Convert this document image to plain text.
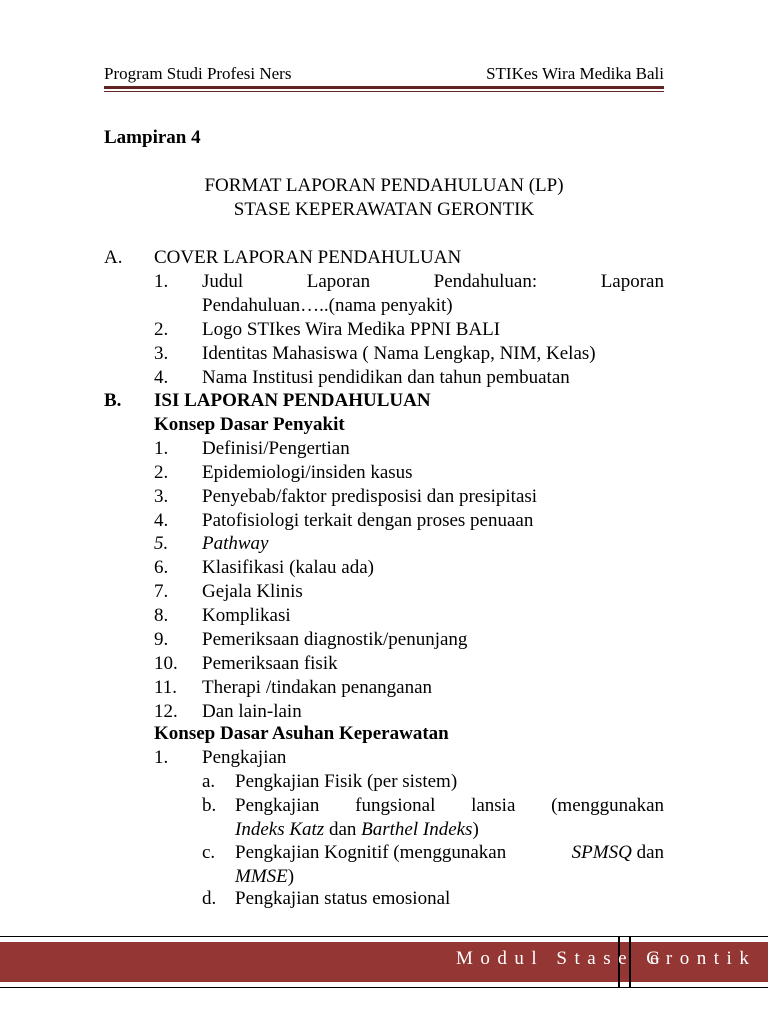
Program Studi Profesi Ners	STIKes Wira Medika Bali
Lampiran 4
FORMAT LAPORAN PENDAHULUAN (LP)
STASE KEPERAWATAN GERONTIK
A. COVER LAPORAN PENDAHULUAN
1. Judul Laporan Pendahuluan: Laporan
Pendahuluan…..(nama penyakit)
2. Logo STIkes Wira Medika PPNI BALI
3. Identitas Mahasiswa ( Nama Lengkap, NIM, Kelas)
4. Nama Institusi pendidikan dan tahun pembuatan
B. ISI LAPORAN PENDAHULUAN
Konsep Dasar Penyakit
1. Definisi/Pengertian
2. Epidemiologi/insiden kasus
3. Penyebab/faktor predisposisi dan presipitasi
4. Patofisiologi terkait dengan proses penuaan
5. Pathway
6. Klasifikasi (kalau ada)
7. Gejala Klinis
8. Komplikasi
9. Pemeriksaan diagnostik/penunjang
10. Pemeriksaan fisik
11. Therapi /tindakan penanganan
12. Dan lain-lain
Konsep Dasar Asuhan Keperawatan
1. Pengkajian
a. Pengkajian Fisik (per sistem)
b. Pengkajian fungsional lansia (menggunakan
Indeks Katz dan Barthel Indeks)
c. Pengkajian Kognitif (menggunakan	SPMSQ dan
MMSE)
d. Pengkajian status emosional
Modul Stase G
erontik
